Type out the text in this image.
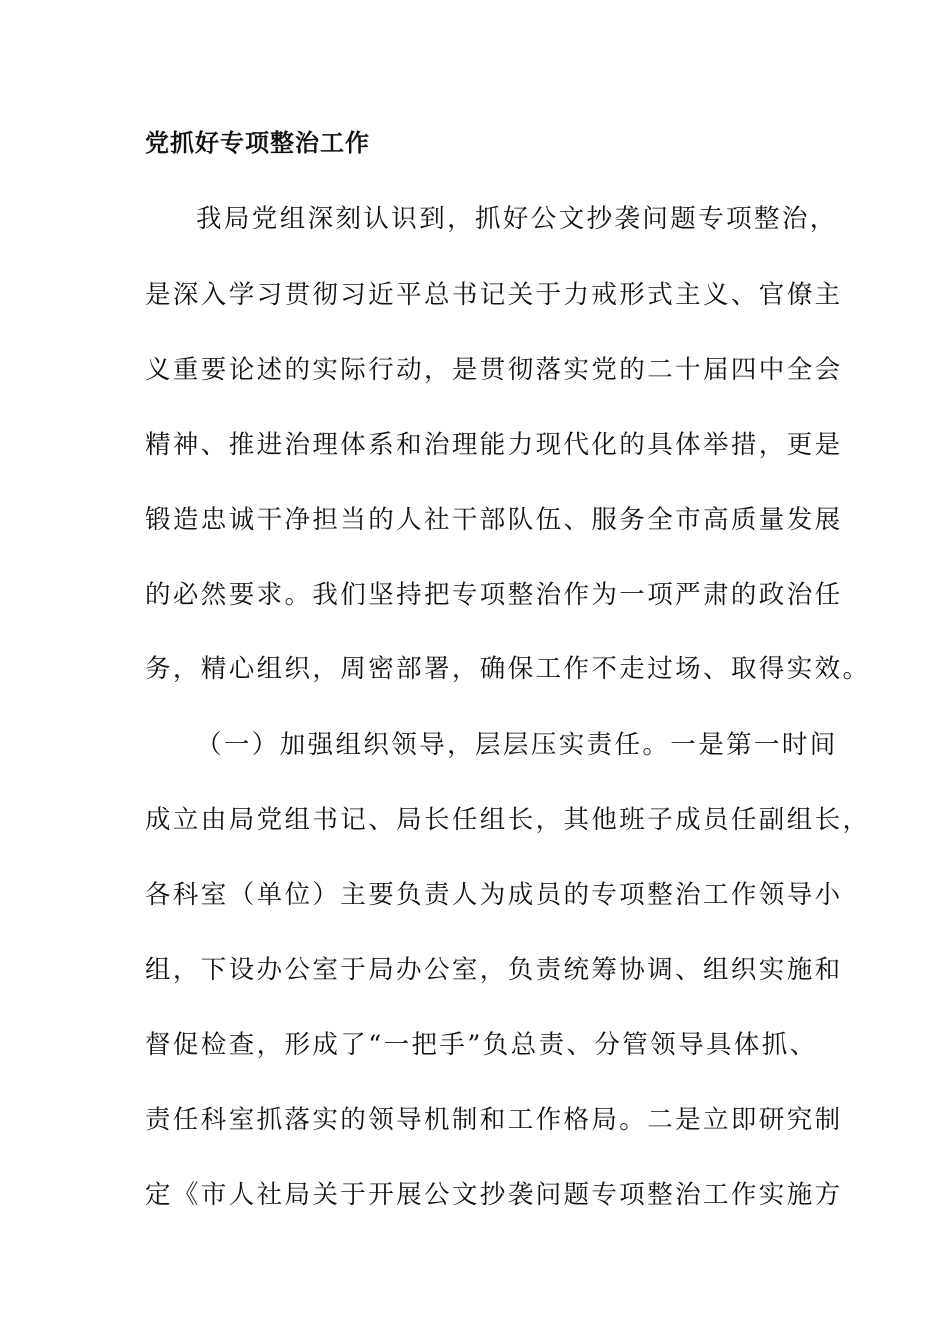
党抓好专项整治工作
我局党组深刻认识到，抓好公文抄袭问题专项整治，
是深入学习贯彻习近平总书记关于力戒形式主义、官僚主
义重要论述的实际行动，是贯彻落实党的二十届四中全会
精神、推进治理体系和治理能力现代化的具体举措，更是
锻造忠诚干净担当的人社干部队伍、服务全市高质量发展
的必然要求。我们坚持把专项整治作为一项严肃的政治任
务，精心组织，周密部署，确保工作不走过场、取得实效。
（一）加强组织领导，层层压实责任。一是第一时间
成立由局党组书记、局长任组长，其他班子成员任副组长，
各科室（单位）主要负责人为成员的专项整治工作领导小
组，下设办公室于局办公室，负责统筹协调、组织实施和
督促检查，形成了“一把手”负总责、分管领导具体抓、
责任科室抓落实的领导机制和工作格局。二是立即研究制
定《市人社局关于开展公文抄袭问题专项整治工作实施方
